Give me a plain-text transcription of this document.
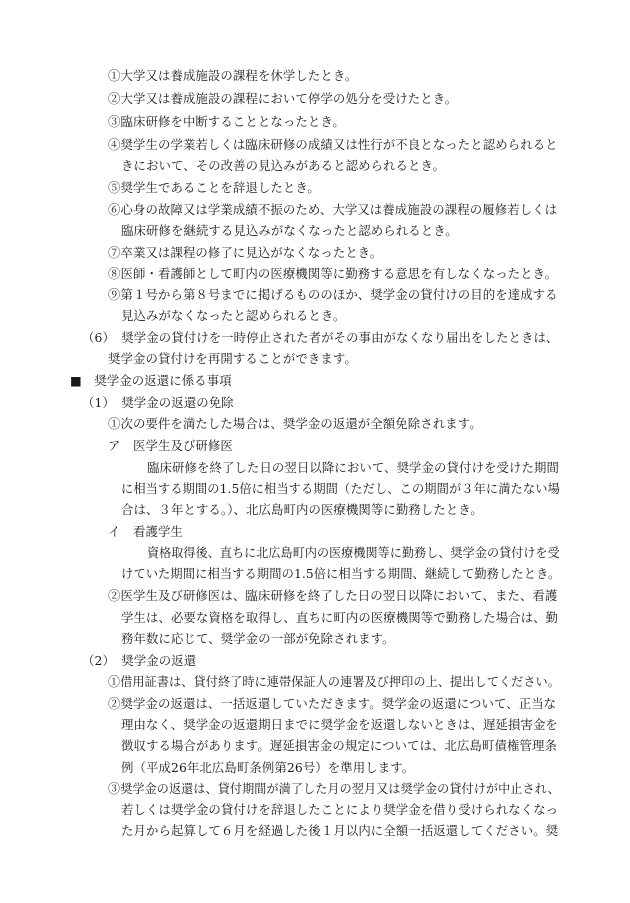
①大学又は養成施設の課程を休学したとき。
②大学又は養成施設の課程において停学の処分を受けたとき。
③臨床研修を中断することとなったとき。
④奨学生の学業若しくは臨床研修の成績又は性行が不良となったと認められると
きにおいて、その改善の見込みがあると認められるとき。
⑤奨学生であることを辞退したとき。
⑥心身の故障又は学業成績不振のため、大学又は養成施設の課程の履修若しくは
臨床研修を継続する見込みがなくなったと認められるとき。
⑦卒業又は課程の修了に見込がなくなったとき。
⑧医師・看護師として町内の医療機関等に勤務する意思を有しなくなったとき。
⑨第１号から第８号までに掲げるもののほか、奨学金の貸付けの目的を達成する
見込みがなくなったと認められるとき。
（6）　奨学金の貸付けを一時停止された者がその事由がなくなり届出をしたときは、
奨学金の貸付けを再開することができます。
■　奨学金の返還に係る事項
（1）　奨学金の返還の免除
①次の要件を満たした場合は、奨学金の返還が全額免除されます。
ア　医学生及び研修医
臨床研修を終了した日の翌日以降において、奨学金の貸付けを受けた期間
に相当する期間の1.5倍に相当する期間（ただし、この期間が３年に満たない場
合は、３年とする。）、北広島町内の医療機関等に勤務したとき。
イ　看護学生
資格取得後、直ちに北広島町内の医療機関等に勤務し、奨学金の貸付けを受
けていた期間に相当する期間の1.5倍に相当する期間、継続して勤務したとき。
②医学生及び研修医は、臨床研修を終了した日の翌日以降において、また、看護
学生は、必要な資格を取得し、直ちに町内の医療機関等で勤務した場合は、勤
務年数に応じて、奨学金の一部が免除されます。
（2）　奨学金の返還
①借用証書は、貸付終了時に連帯保証人の連署及び押印の上、提出してください。
②奨学金の返還は、一括返還していただきます。奨学金の返還について、正当な
理由なく、奨学金の返還期日までに奨学金を返還しないときは、遅延損害金を
徴収する場合があります。遅延損害金の規定については、北広島町債権管理条
例（平成26年北広島町条例第26号）を準用します。
③奨学金の返還は、貸付期間が満了した月の翌月又は奨学金の貸付けが中止され、
若しくは奨学金の貸付けを辞退したことにより奨学金を借り受けられなくなっ
た月から起算して６月を経過した後１月以内に全額一括返還してください。奨
